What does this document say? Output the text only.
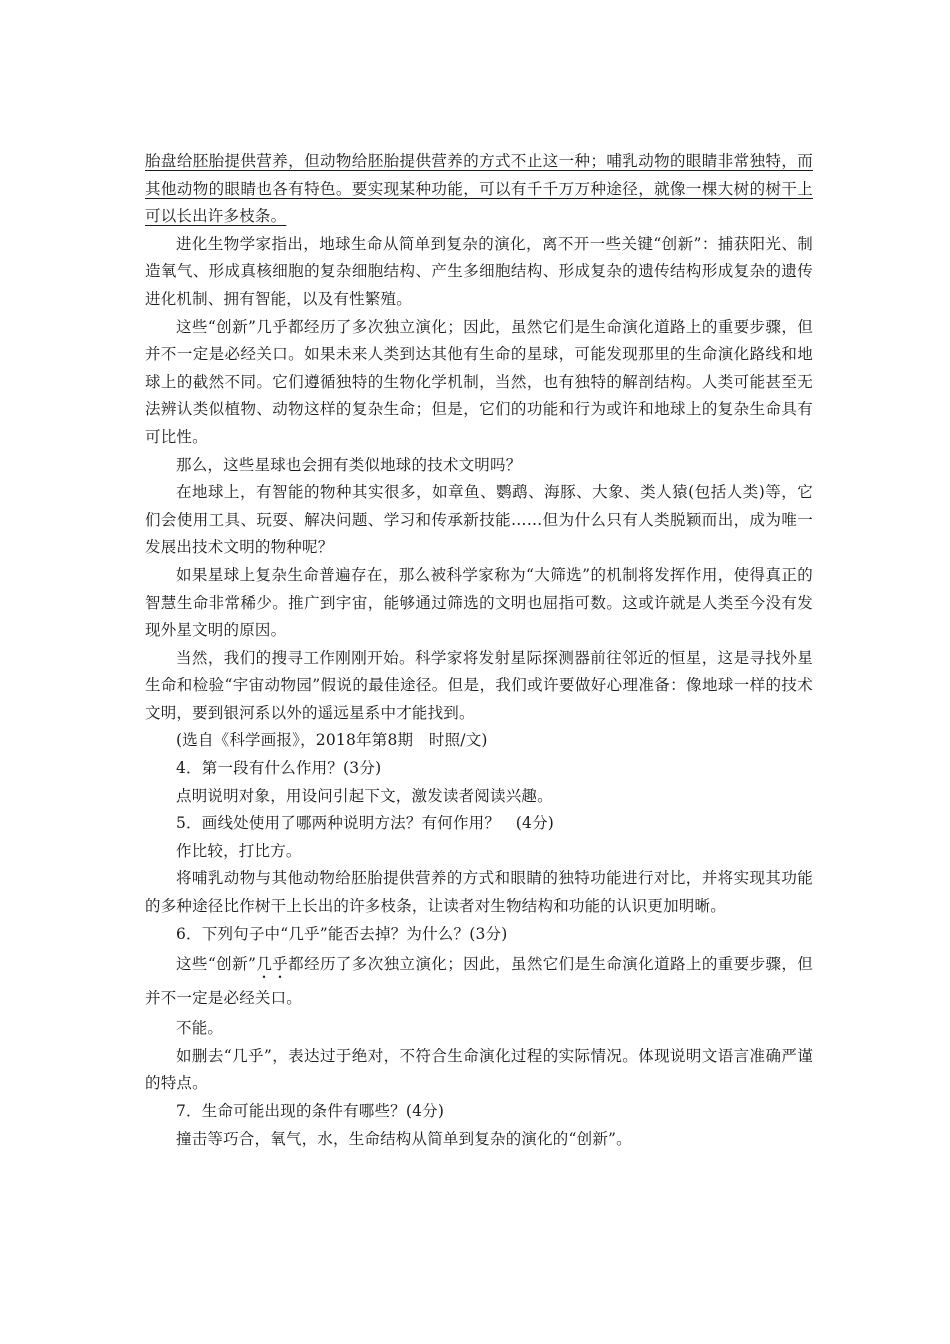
胎盘给胚胎提供营养，但动物给胚胎提供营养的方式不止这一种；哺乳动物的眼睛非常独特，而其他动物的眼睛也各有特色。要实现某种功能，可以有千千万万种途径，就像一棵大树的树干上可以长出许多枝条。

进化生物学家指出，地球生命从简单到复杂的演化，离不开一些关键“创新”：捕获阳光、制造氧气、形成真核细胞的复杂细胞结构、产生多细胞结构、形成复杂的遗传结构形成复杂的遗传进化机制、拥有智能，以及有性繁殖。

这些“创新”几乎都经历了多次独立演化；因此，虽然它们是生命演化道路上的重要步骤，但并不一定是必经关口。如果未来人类到达其他有生命的星球，可能发现那里的生命演化路线和地球上的截然不同。它们遵循独特的生物化学机制，当然，也有独特的解剖结构。人类可能甚至无法辨认类似植物、动物这样的复杂生命；但是，它们的功能和行为或许和地球上的复杂生命具有可比性。

那么，这些星球也会拥有类似地球的技术文明吗？

在地球上，有智能的物种其实很多，如章鱼、鹦鹉、海豚、大象、类人猿(包括人类)等，它们会使用工具、玩耍、解决问题、学习和传承新技能……但为什么只有人类脱颖而出，成为唯一发展出技术文明的物种呢？

如果星球上复杂生命普遍存在，那么被科学家称为“大筛选”的机制将发挥作用，使得真正的智慧生命非常稀少。推广到宇宙，能够通过筛选的文明也屈指可数。这或许就是人类至今没有发现外星文明的原因。

当然，我们的搜寻工作刚刚开始。科学家将发射星际探测器前往邻近的恒星，这是寻找外星生命和检验“宇宙动物园”假说的最佳途径。但是，我们或许要做好心理准备：像地球一样的技术文明，要到银河系以外的遥远星系中才能找到。

(选自《科学画报》，2018年第8期　时照/文)

4．第一段有什么作用？(3分)

点明说明对象，用设问引起下文，激发读者阅读兴趣。

5．画线处使用了哪两种说明方法？有何作用？　(4分)

作比较，打比方。

将哺乳动物与其他动物给胚胎提供营养的方式和眼睛的独特功能进行对比，并将实现其功能的多种途径比作树干上长出的许多枝条，让读者对生物结构和功能的认识更加明晰。

6．下列句子中“几乎”能否去掉？为什么？(3分)

这些“创新”几乎都经历了多次独立演化；因此，虽然它们是生命演化道路上的重要步骤，但并不一定是必经关口。

不能。

如删去“几乎”，表达过于绝对，不符合生命演化过程的实际情况。体现说明文语言准确严谨的特点。

7．生命可能出现的条件有哪些？(4分)

撞击等巧合，氧气，水，生命结构从简单到复杂的演化的“创新”。
